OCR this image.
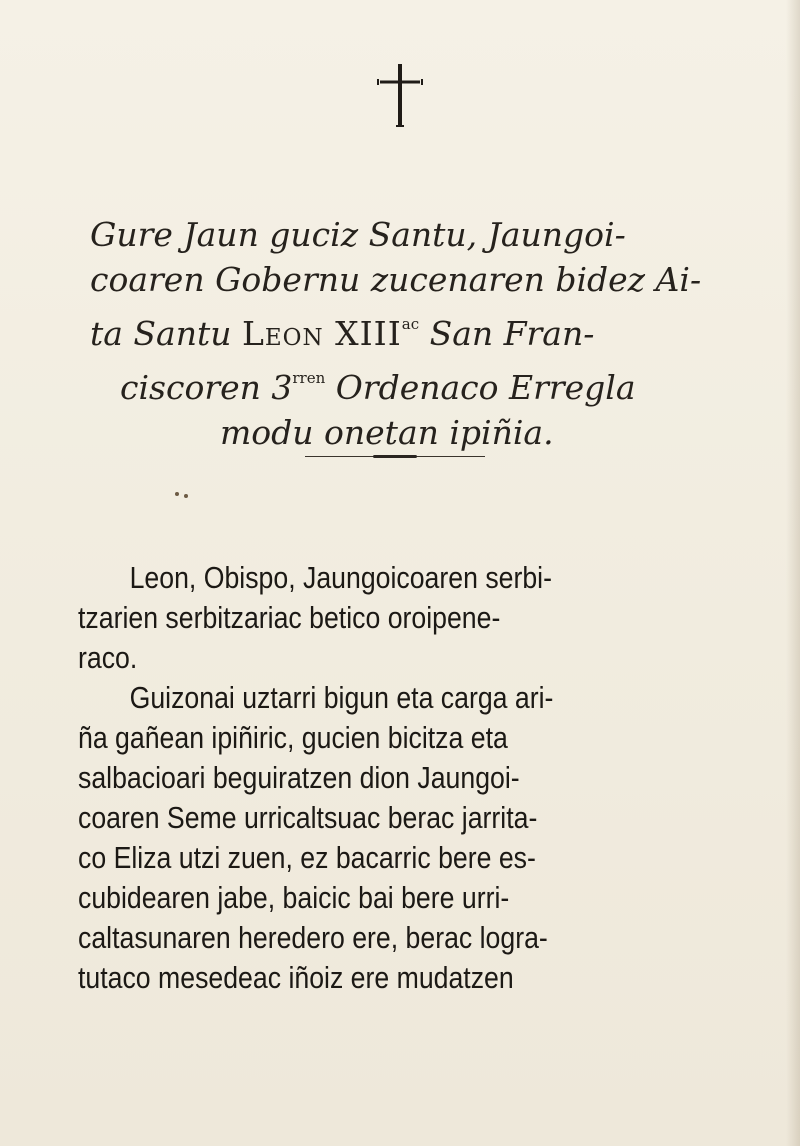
Gure Jaun guciz Santu, Jaungoi-
coaren Gobernu zucenaren bidez Ai-
ta Santu Leon $XIII^{ac}$ San Fran-
ciscoren $3^{rren}$ Ordenaco Erregla
modu onetan ipiñia.
Leon, Obispo, Jaungoicoaren serbi-
tzarien serbitzariac betico oroipene-
raco.
Guizonai uztarri bigun eta carga ari-
ña gañean ipiñiric, gucien bicitza eta
salbacioari beguiratzen dion Jaungoi-
coaren Seme urricaltsuac berac jarrita-
co Eliza utzi zuen, ez bacarric bere es-
cubidearen jabe, baicic bai bere urri-
caltasunaren heredero ere, berac logra-
tutaco mesedeac iñoiz ere mudatzen
